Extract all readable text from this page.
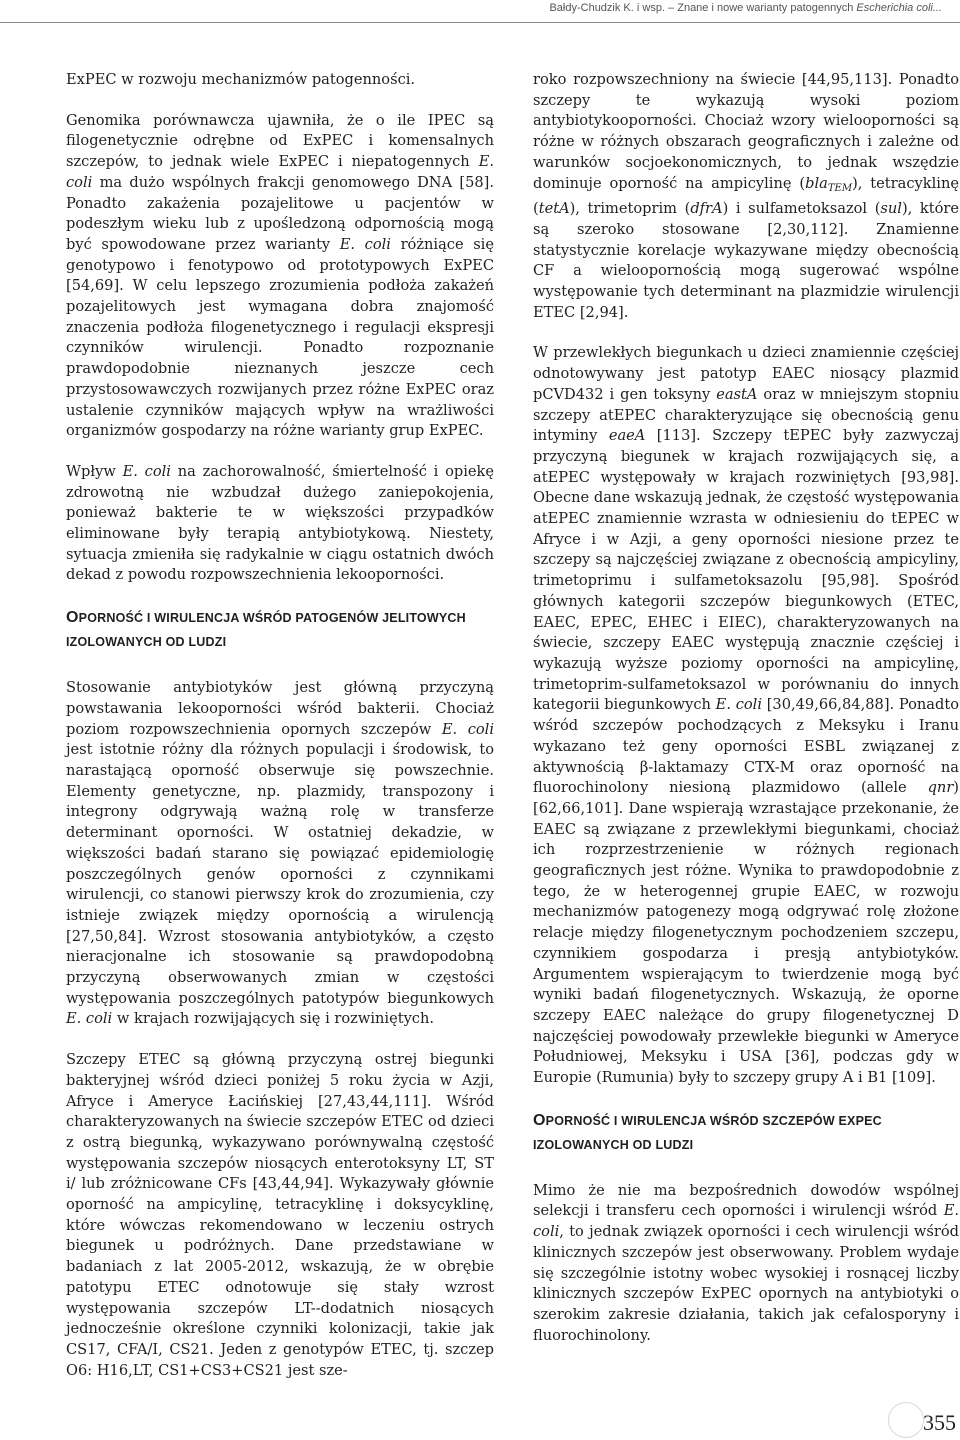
Bałdy-Chudzik K. i wsp. – Znane i nowe warianty patogennych Escherichia coli...

ExPEC w rozwoju mechanizmów patogenności.

Genomika porównawcza ujawniła, że o ile IPEC są filogenetycznie odrębne od ExPEC i komensalnych szczepów, to jednak wiele ExPEC i niepatogennych E. coli ma dużo wspólnych frakcji genomowego DNA [58]. Ponadto zakażenia pozajelitowe u pacjentów w podeszłym wieku lub z upośledzoną odpornością mogą być spowodowane przez warianty E. coli różniące się genotypowo i fenotypowo od prototypowych ExPEC [54,69]. W celu lepszego zrozumienia podłoża zakażeń pozajelitowych jest wymagana dobra znajomość znaczenia podłoża filogenetycznego i regulacji ekspresji czynników wirulencji. Ponadto rozpoznanie prawdopodobnie nieznanych jeszcze cech przystosowawczych rozwijanych przez różne ExPEC oraz ustalenie czynników mających wpływ na wrażliwości organizmów gospodarzy na różne warianty grup ExPEC.

Wpływ E. coli na zachorowalność, śmiertelność i opiekę zdrowotną nie wzbudzał dużego zaniepokojenia, ponieważ bakterie te w większości przypadków eliminowane były terapią antybiotykową. Niestety, sytuacja zmieniła się radykalnie w ciągu ostatnich dwóch dekad z powodu rozpowszechnienia lekooporności.

OPORNOŚĆ I WIRULENCJA WŚRÓD PATOGENÓW JELITOWYCH IZOLOWANYCH OD LUDZI

Stosowanie antybiotyków jest główną przyczyną powstawania lekooporności wśród bakterii. Chociaż poziom rozpowszechnienia opornych szczepów E. coli jest istotnie różny dla różnych populacji i środowisk, to narastającą oporność obserwuje się powszechnie. Elementy genetyczne, np. plazmidy, transpozony i integrony odgrywają ważną rolę w transferze determinant oporności. W ostatniej dekadzie, w większości badań starano się powiązać epidemiologię poszczególnych genów oporności z czynnikami wirulencji, co stanowi pierwszy krok do zrozumienia, czy istnieje związek między opornością a wirulencją [27,50,84]. Wzrost stosowania antybiotyków, a często nieracjonalne ich stosowanie są prawdopodobną przyczyną obserwowanych zmian w częstości występowania poszczególnych patotypów biegunkowych E. coli w krajach rozwijających się i rozwiniętych.

Szczepy ETEC są główną przyczyną ostrej biegunki bakteryjnej wśród dzieci poniżej 5 roku życia w Azji, Afryce i Ameryce Łacińskiej [27,43,44,111]. Wśród charakteryzowanych na świecie szczepów ETEC od dzieci z ostrą biegunką, wykazywano porównywalną częstość występowania szczepów niosących enterotoksyny LT, ST i/ lub zróżnicowane CFs [43,44,94]. Wykazywały głównie oporność na ampicylinę, tetracyklinę i doksycyklinę, które wówczas rekomendowano w leczeniu ostrych biegunek u podróżnych. Dane przedstawiane w badaniach z lat 2005-2012, wskazują, że w obrębie patotypu ETEC odnotowuje się stały wzrost występowania szczepów LT--dodatnich niosących jednocześnie określone czynniki kolonizacji, takie jak CS17, CFA/I, CS21. Jeden z genotypów ETEC, tj. szczep O6: H16,LT, CS1+CS3+CS21 jest sze-

roko rozpowszechniony na świecie [44,95,113]. Ponadto szczepy te wykazują wysoki poziom antybiotykooporności. Chociaż wzory wielooporności są różne w różnych obszarach geograficznych i zależne od warunków socjoekonomicznych, to jednak wszędzie dominuje oporność na ampicylinę (bla$_{TEM}$), tetracyklinę (tetA), trimetoprim (dfrA) i sulfametoksazol (sul), które są szeroko stosowane [2,30,112]. Znamienne statystycznie korelacje wykazywane między obecnością CF a wieloopornością mogą sugerować wspólne występowanie tych determinant na plazmidzie wirulencji ETEC [2,94].

W przewlekłych biegunkach u dzieci znamiennie częściej odnotowywany jest patotyp EAEC niosący plazmid pCVD432 i gen toksyny eastA oraz w mniejszym stopniu szczepy atEPEC charakteryzujące się obecnością genu intyminy eaeA [113]. Szczepy tEPEC były zazwyczaj przyczyną biegunek w krajach rozwijających się, a atEPEC występowały w krajach rozwiniętych [93,98]. Obecne dane wskazują jednak, że częstość występowania atEPEC znamiennie wzrasta w odniesieniu do tEPEC w Afryce i w Azji, a geny oporności niesione przez te szczepy są najczęściej związane z obecnością ampicyliny, trimetoprimu i sulfametoksazolu [95,98]. Spośród głównych kategorii szczepów biegunkowych (ETEC, EAEC, EPEC, EHEC i EIEC), charakteryzowanych na świecie, szczepy EAEC występują znacznie częściej i wykazują wyższe poziomy oporności na ampicylinę, trimetoprim-sulfametoksazol w porównaniu do innych kategorii biegunkowych E. coli [30,49,66,84,88]. Ponadto wśród szczepów pochodzących z Meksyku i Iranu wykazano też geny oporności ESBL związanej z aktywnością β-laktamazy CTX-M oraz oporność na fluorochinolony niesioną plazmidowo (allele qnr) [62,66,101]. Dane wspierają wzrastające przekonanie, że EAEC są związane z przewlekłymi biegunkami, chociaż ich rozprzestrzenienie w różnych regionach geograficznych jest różne. Wynika to prawdopodobnie z tego, że w heterogennej grupie EAEC, w rozwoju mechanizmów patogenezy mogą odgrywać rolę złożone relacje między filogenetycznym pochodzeniem szczepu, czynnikiem gospodarza i presją antybiotyków. Argumentem wspierającym to twierdzenie mogą być wyniki badań filogenetycznych. Wskazują, że oporne szczepy EAEC należące do grupy filogenetycznej D najczęściej powodowały przewlekłe biegunki w Ameryce Południowej, Meksyku i USA [36], podczas gdy w Europie (Rumunia) były to szczepy grupy A i B1 [109].

OPORNOŚĆ I WIRULENCJA WŚRÓD SZCZEPÓW EXPEC IZOLOWANYCH OD LUDZI

Mimo że nie ma bezpośrednich dowodów wspólnej selekcji i transferu cech oporności i wirulencji wśród E. coli, to jednak związek oporności i cech wirulencji wśród klinicznych szczepów jest obserwowany. Problem wydaje się szczególnie istotny wobec wysokiej i rosnącej liczby klinicznych szczepów ExPEC opornych na antybiotyki o szerokim zakresie działania, takich jak cefalosporyny i fluorochinolony.

355
